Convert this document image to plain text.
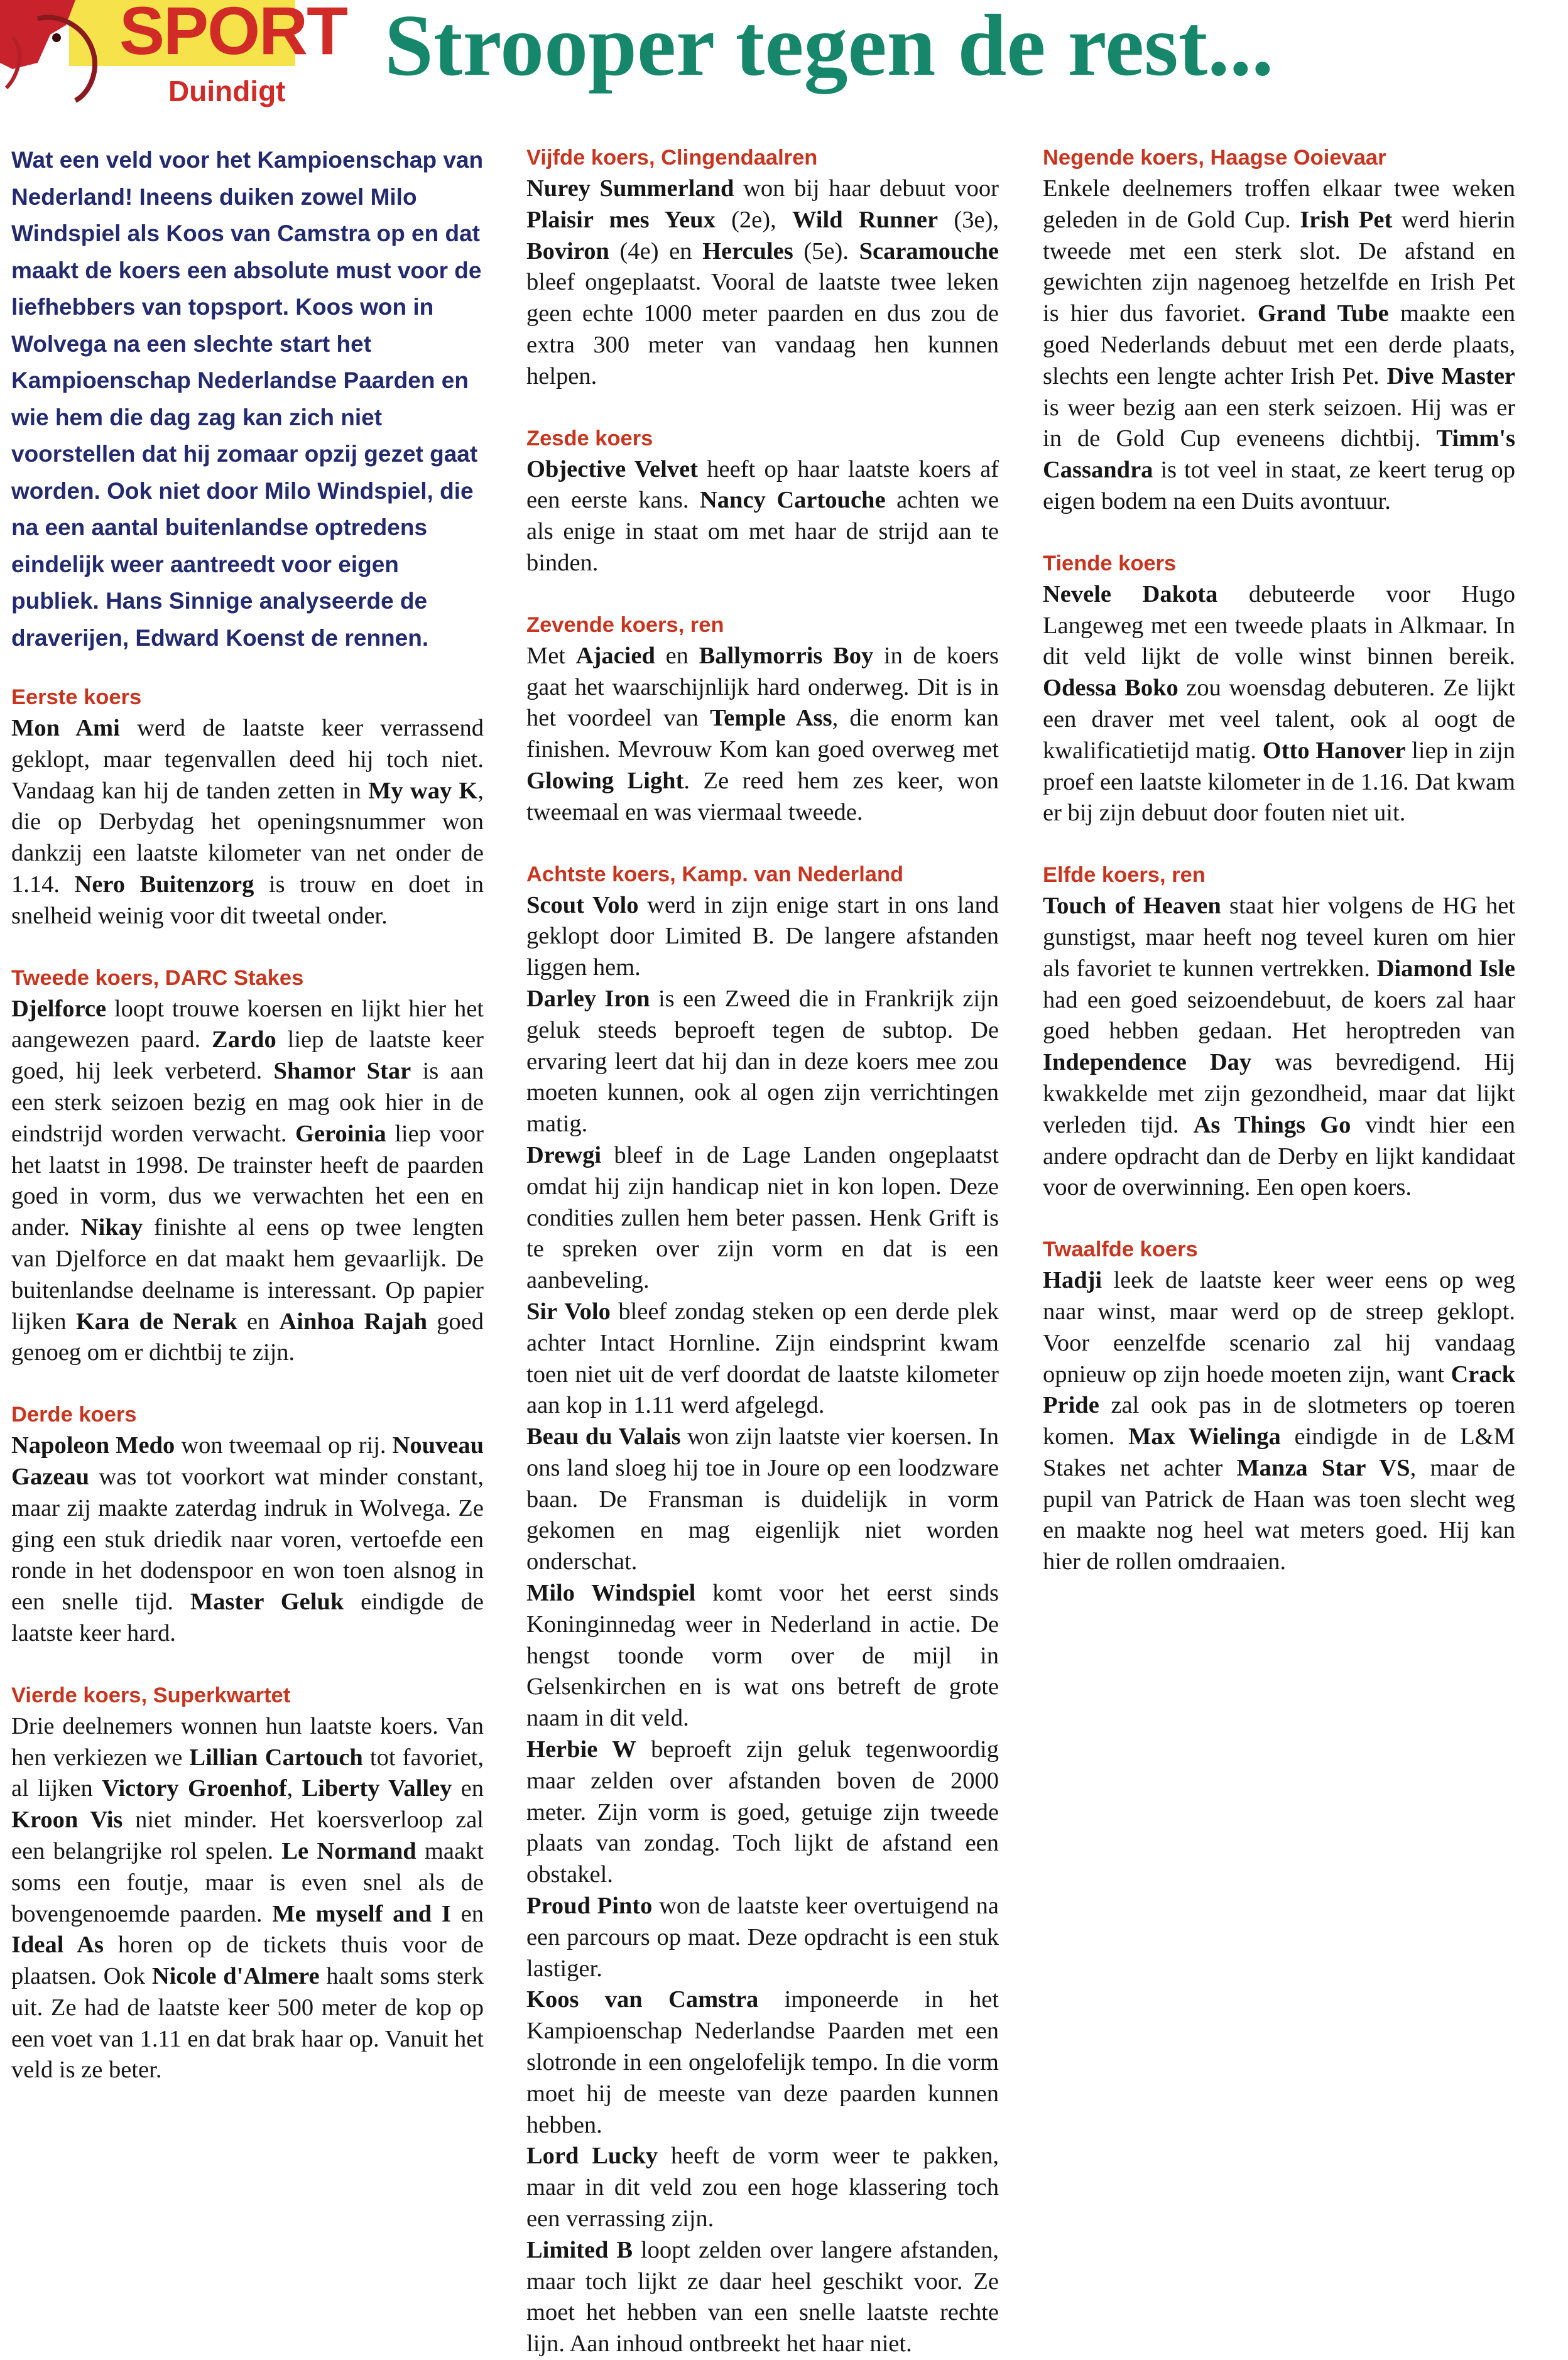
SPORT
Duindigt Strooper tegen de rest...

Wat een veld voor het Kampioenschap van Nederland! Ineens duiken zowel Milo Windspiel als Koos van Camstra op en dat maakt de koers een absolute must voor de liefhebbers van topsport. Koos won in Wolvega na een slechte start het Kampioenschap Nederlandse Paarden en wie hem die dag zag kan zich niet voorstellen dat hij zomaar opzij gezet gaat worden. Ook niet door Milo Windspiel, die na een aantal buitenlandse optredens eindelijk weer aantreedt voor eigen publiek. Hans Sinnige analyseerde de draverijen, Edward Koenst de rennen.

Eerste koers

Mon Ami werd de laatste keer verrassend geklopt, maar tegenvallen deed hij toch niet. Vandaag kan hij de tanden zetten in My way K, die op Derbydag het openingsnummer won dankzij een laatste kilometer van net onder de 1.14. Nero Buitenzorg is trouw en doet in snelheid weinig voor dit tweetal onder.

Tweede koers, DARC Stakes

Djelforce loopt trouwe koersen en lijkt hier het aangewezen paard. Zardo liep de laatste keer goed, hij leek verbeterd. Shamor Star is aan een sterk seizoen bezig en mag ook hier in de eindstrijd worden verwacht. Geroinia liep voor het laatst in 1998. De trainster heeft de paarden goed in vorm, dus we verwachten het een en ander. Nikay finishte al eens op twee lengten van Djelforce en dat maakt hem gevaarlijk. De buitenlandse deelname is interessant. Op papier lijken Kara de Nerak en Ainhoa Rajah goed genoeg om er dichtbij te zijn.

Derde koers

Napoleon Medo won tweemaal op rij. Nouveau Gazeau was tot voorkort wat minder constant, maar zij maakte zaterdag indruk in Wolvega. Ze ging een stuk driedik naar voren, vertoefde een ronde in het dodenspoor en won toen alsnog in een snelle tijd. Master Geluk eindigde de laatste keer hard.

Vierde koers, Superkwartet

Drie deelnemers wonnen hun laatste koers. Van hen verkiezen we Lillian Cartouch tot favoriet, al lijken Victory Groenhof, Liberty Valley en Kroon Vis niet minder. Het koersverloop zal een belangrijke rol spelen. Le Normand maakt soms een foutje, maar is even snel als de bovengenoemde paarden. Me myself and I en Ideal As horen op de tickets thuis voor de plaatsen. Ook Nicole d'Almere haalt soms sterk uit. Ze had de laatste keer 500 meter de kop op een voet van 1.11 en dat brak haar op. Vanuit het veld is ze beter.

Vijfde koers, Clingendaalren

Nurey Summerland won bij haar debuut voor Plaisir mes Yeux (2e), Wild Runner (3e), Boviron (4e) en Hercules (5e). Scaramouche bleef ongeplaatst. Vooral de laatste twee leken geen echte 1000 meter paarden en dus zou de extra 300 meter van vandaag hen kunnen helpen.

Zesde koers

Objective Velvet heeft op haar laatste koers af een eerste kans. Nancy Cartouche achten we als enige in staat om met haar de strijd aan te binden.

Zevende koers, ren

Met Ajacied en Ballymorris Boy in de koers gaat het waarschijnlijk hard onderweg. Dit is in het voordeel van Temple Ass, die enorm kan finishen. Mevrouw Kom kan goed overweg met Glowing Light. Ze reed hem zes keer, won tweemaal en was viermaal tweede.

Achtste koers, Kamp. van Nederland

Scout Volo werd in zijn enige start in ons land geklopt door Limited B. De langere afstanden liggen hem.

Darley Iron is een Zweed die in Frankrijk zijn geluk steeds beproeft tegen de subtop. De ervaring leert dat hij dan in deze koers mee zou moeten kunnen, ook al ogen zijn verrichtingen matig.

Drewgi bleef in de Lage Landen ongeplaatst omdat hij zijn handicap niet in kon lopen. Deze condities zullen hem beter passen. Henk Grift is te spreken over zijn vorm en dat is een aanbeveling.

Sir Volo bleef zondag steken op een derde plek achter Intact Hornline. Zijn eindsprint kwam toen niet uit de verf doordat de laatste kilometer aan kop in 1.11 werd afgelegd.

Beau du Valais won zijn laatste vier koersen. In ons land sloeg hij toe in Joure op een loodzware baan. De Fransman is duidelijk in vorm gekomen en mag eigenlijk niet worden onderschat.

Milo Windspiel komt voor het eerst sinds Koninginnedag weer in Nederland in actie. De hengst toonde vorm over de mijl in Gelsenkirchen en is wat ons betreft de grote naam in dit veld.

Herbie W beproeft zijn geluk tegenwoordig maar zelden over afstanden boven de 2000 meter. Zijn vorm is goed, getuige zijn tweede plaats van zondag. Toch lijkt de afstand een obstakel.

Proud Pinto won de laatste keer overtuigend na een parcours op maat. Deze opdracht is een stuk lastiger.

Koos van Camstra imponeerde in het Kampioenschap Nederlandse Paarden met een slotronde in een ongelofelijk tempo. In die vorm moet hij de meeste van deze paarden kunnen hebben.

Lord Lucky heeft de vorm weer te pakken, maar in dit veld zou een hoge klassering toch een verrassing zijn.

Limited B loopt zelden over langere afstanden, maar toch lijkt ze daar heel geschikt voor. Ze moet het hebben van een snelle laatste rechte lijn. Aan inhoud ontbreekt het haar niet.

Negende koers, Haagse Ooievaar

Enkele deelnemers troffen elkaar twee weken geleden in de Gold Cup. Irish Pet werd hierin tweede met een sterk slot. De afstand en gewichten zijn nagenoeg hetzelfde en Irish Pet is hier dus favoriet. Grand Tube maakte een goed Nederlands debuut met een derde plaats, slechts een lengte achter Irish Pet. Dive Master is weer bezig aan een sterk seizoen. Hij was er in de Gold Cup eveneens dichtbij. Timm's Cassandra is tot veel in staat, ze keert terug op eigen bodem na een Duits avontuur.

Tiende koers

Nevele Dakota debuteerde voor Hugo Langeweg met een tweede plaats in Alkmaar. In dit veld lijkt de volle winst binnen bereik. Odessa Boko zou woensdag debuteren. Ze lijkt een draver met veel talent, ook al oogt de kwalificatietijd matig. Otto Hanover liep in zijn proef een laatste kilometer in de 1.16. Dat kwam er bij zijn debuut door fouten niet uit.

Elfde koers, ren

Touch of Heaven staat hier volgens de HG het gunstigst, maar heeft nog teveel kuren om hier als favoriet te kunnen vertrekken. Diamond Isle had een goed seizoendebuut, de koers zal haar goed hebben gedaan. Het heroptreden van Independence Day was bevredigend. Hij kwakkelde met zijn gezondheid, maar dat lijkt verleden tijd. As Things Go vindt hier een andere opdracht dan de Derby en lijkt kandidaat voor de overwinning. Een open koers.

Twaalfde koers

Hadji leek de laatste keer weer eens op weg naar winst, maar werd op de streep geklopt. Voor eenzelfde scenario zal hij vandaag opnieuw op zijn hoede moeten zijn, want Crack Pride zal ook pas in de slotmeters op toeren komen. Max Wielinga eindigde in de L&M Stakes net achter Manza Star VS, maar de pupil van Patrick de Haan was toen slecht weg en maakte nog heel wat meters goed. Hij kan hier de rollen omdraaien.
